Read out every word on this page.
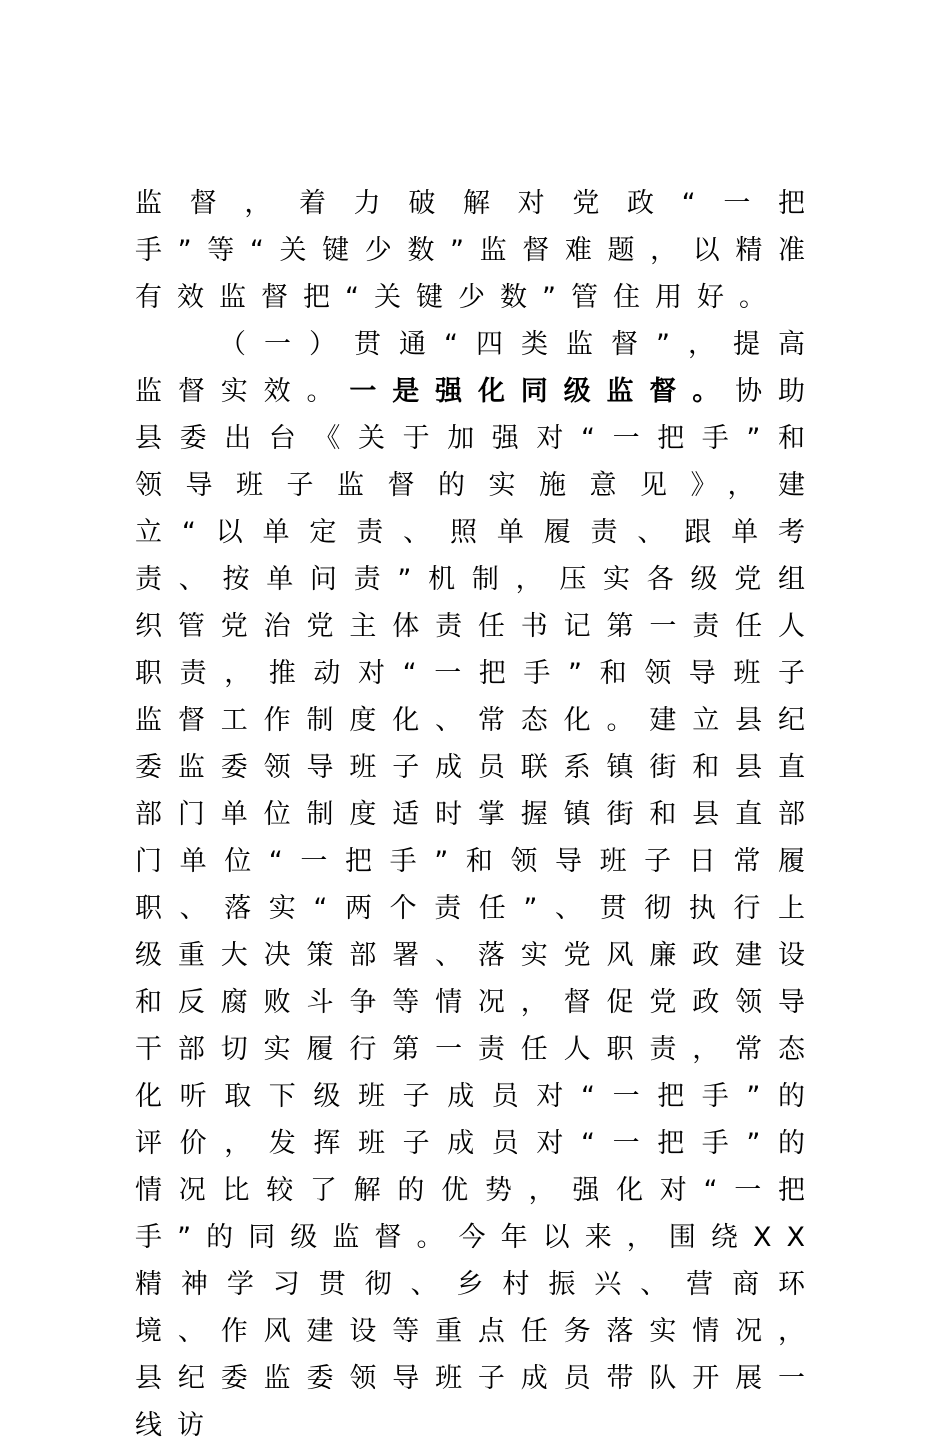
监督，着力破解对党政“一把手”等“关键少数”监督难题，以精准有效监督把“关键少数”管住用好。

（一）贯通“四类监督”，提高监督实效。一是强化同级监督。协助县委出台《关于加强对“一把手”和领导班子监督的实施意见》，建立“以单定责、照单履责、跟单考责、按单问责”机制，压实各级党组织管党治党主体责任书记第一责任人职责，推动对“一把手”和领导班子监督工作制度化、常态化。建立县纪委监委领导班子成员联系镇街和县直部门单位制度适时掌握镇街和县直部门单位“一把手”和领导班子日常履职、落实“两个责任”、贯彻执行上级重大决策部署、落实党风廉政建设和反腐败斗争等情况，督促党政领导干部切实履行第一责任人职责，常态化听取下级班子成员对“一把手”的评价，发挥班子成员对“一把手”的情况比较了解的优势，强化对“一把手”的同级监督。今年以来，围绕XX精神学习贯彻、乡村振兴、营商环境、作风建设等重点任务落实情况，县纪委监委领导班子成员带队开展一线访
